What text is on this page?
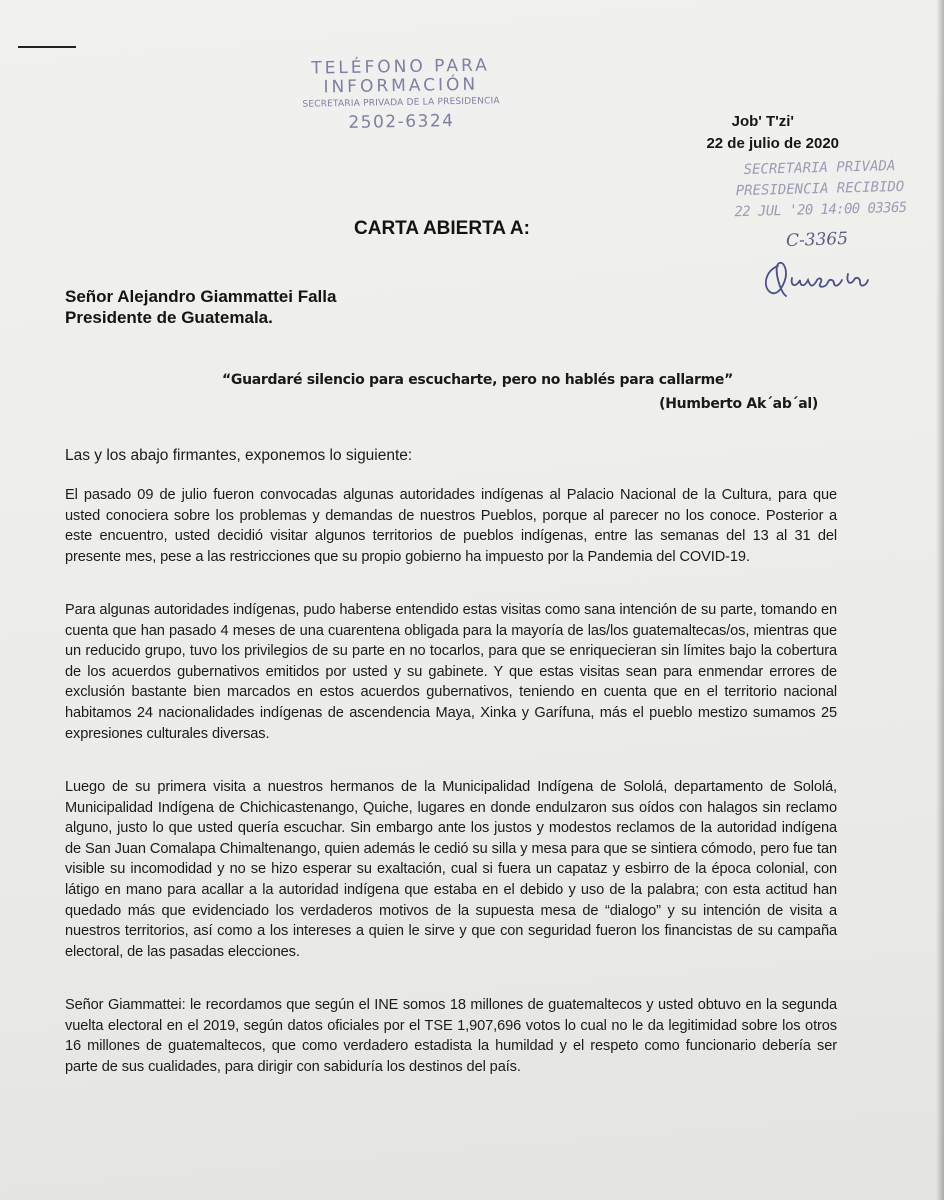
TELÉFONO PARA
INFORMACIÓN
SECRETARIA PRIVADA DE LA PRESIDENCIA
2502-6324	Job' T'zi'
22 de julio de 2020
SECRETARIA PRIVADA
PRESIDENCIA RECIBIDO
22 JUL '20 14:00 03365
C-3365
CARTA ABIERTA A:
Señor Alejandro Giammattei Falla
Presidente de Guatemala.
“Guardaré silencio para escucharte, pero no hablés para callarme”
(Humberto Ak´ab´al)
Las y los abajo firmantes, exponemos lo siguiente:
El pasado 09 de julio fueron convocadas algunas autoridades indígenas al Palacio Nacional de la Cultura, para que usted conociera sobre los problemas y demandas de nuestros Pueblos, porque al parecer no los conoce. Posterior a este encuentro, usted decidió visitar algunos territorios de pueblos indígenas, entre las semanas del 13 al 31 del presente mes, pese a las restricciones que su propio gobierno ha impuesto por la Pandemia del COVID-19.
Para algunas autoridades indígenas, pudo haberse entendido estas visitas como sana intención de su parte, tomando en cuenta que han pasado 4 meses de una cuarentena obligada para la mayoría de las/los guatemaltecas/os, mientras que un reducido grupo, tuvo los privilegios de su parte en no tocarlos, para que se enriquecieran sin límites bajo la cobertura de los acuerdos gubernativos emitidos por usted y su gabinete. Y que estas visitas sean para enmendar errores de exclusión bastante bien marcados en estos acuerdos gubernativos, teniendo en cuenta que en el territorio nacional habitamos 24 nacionalidades indígenas de ascendencia Maya, Xinka y Garífuna, más el pueblo mestizo sumamos 25 expresiones culturales diversas.
Luego de su primera visita a nuestros hermanos de la Municipalidad Indígena de Sololá, departamento de Sololá, Municipalidad Indígena de Chichicastenango, Quiche, lugares en donde endulzaron sus oídos con halagos sin reclamo alguno, justo lo que usted quería escuchar. Sin embargo ante los justos y modestos reclamos de la autoridad indígena de San Juan Comalapa Chimaltenango, quien además le cedió su silla y mesa para que se sintiera cómodo, pero fue tan visible su incomodidad y no se hizo esperar su exaltación, cual si fuera un capataz y esbirro de la época colonial, con látigo en mano para acallar a la autoridad indígena que estaba en el debido y uso de la palabra; con esta actitud han quedado más que evidenciado los verdaderos motivos de la supuesta mesa de “dialogo” y su intención de visita a nuestros territorios, así como a los intereses a quien le sirve y que con seguridad fueron los financistas de su campaña electoral, de las pasadas elecciones.
Señor Giammattei: le recordamos que según el INE somos 18 millones de guatemaltecos y usted obtuvo en la segunda vuelta electoral en el 2019, según datos oficiales por el TSE 1,907,696 votos lo cual no le da legitimidad sobre los otros 16 millones de guatemaltecos, que como verdadero estadista la humildad y el respeto como funcionario debería ser parte de sus cualidades, para dirigir con sabiduría los destinos del país.
